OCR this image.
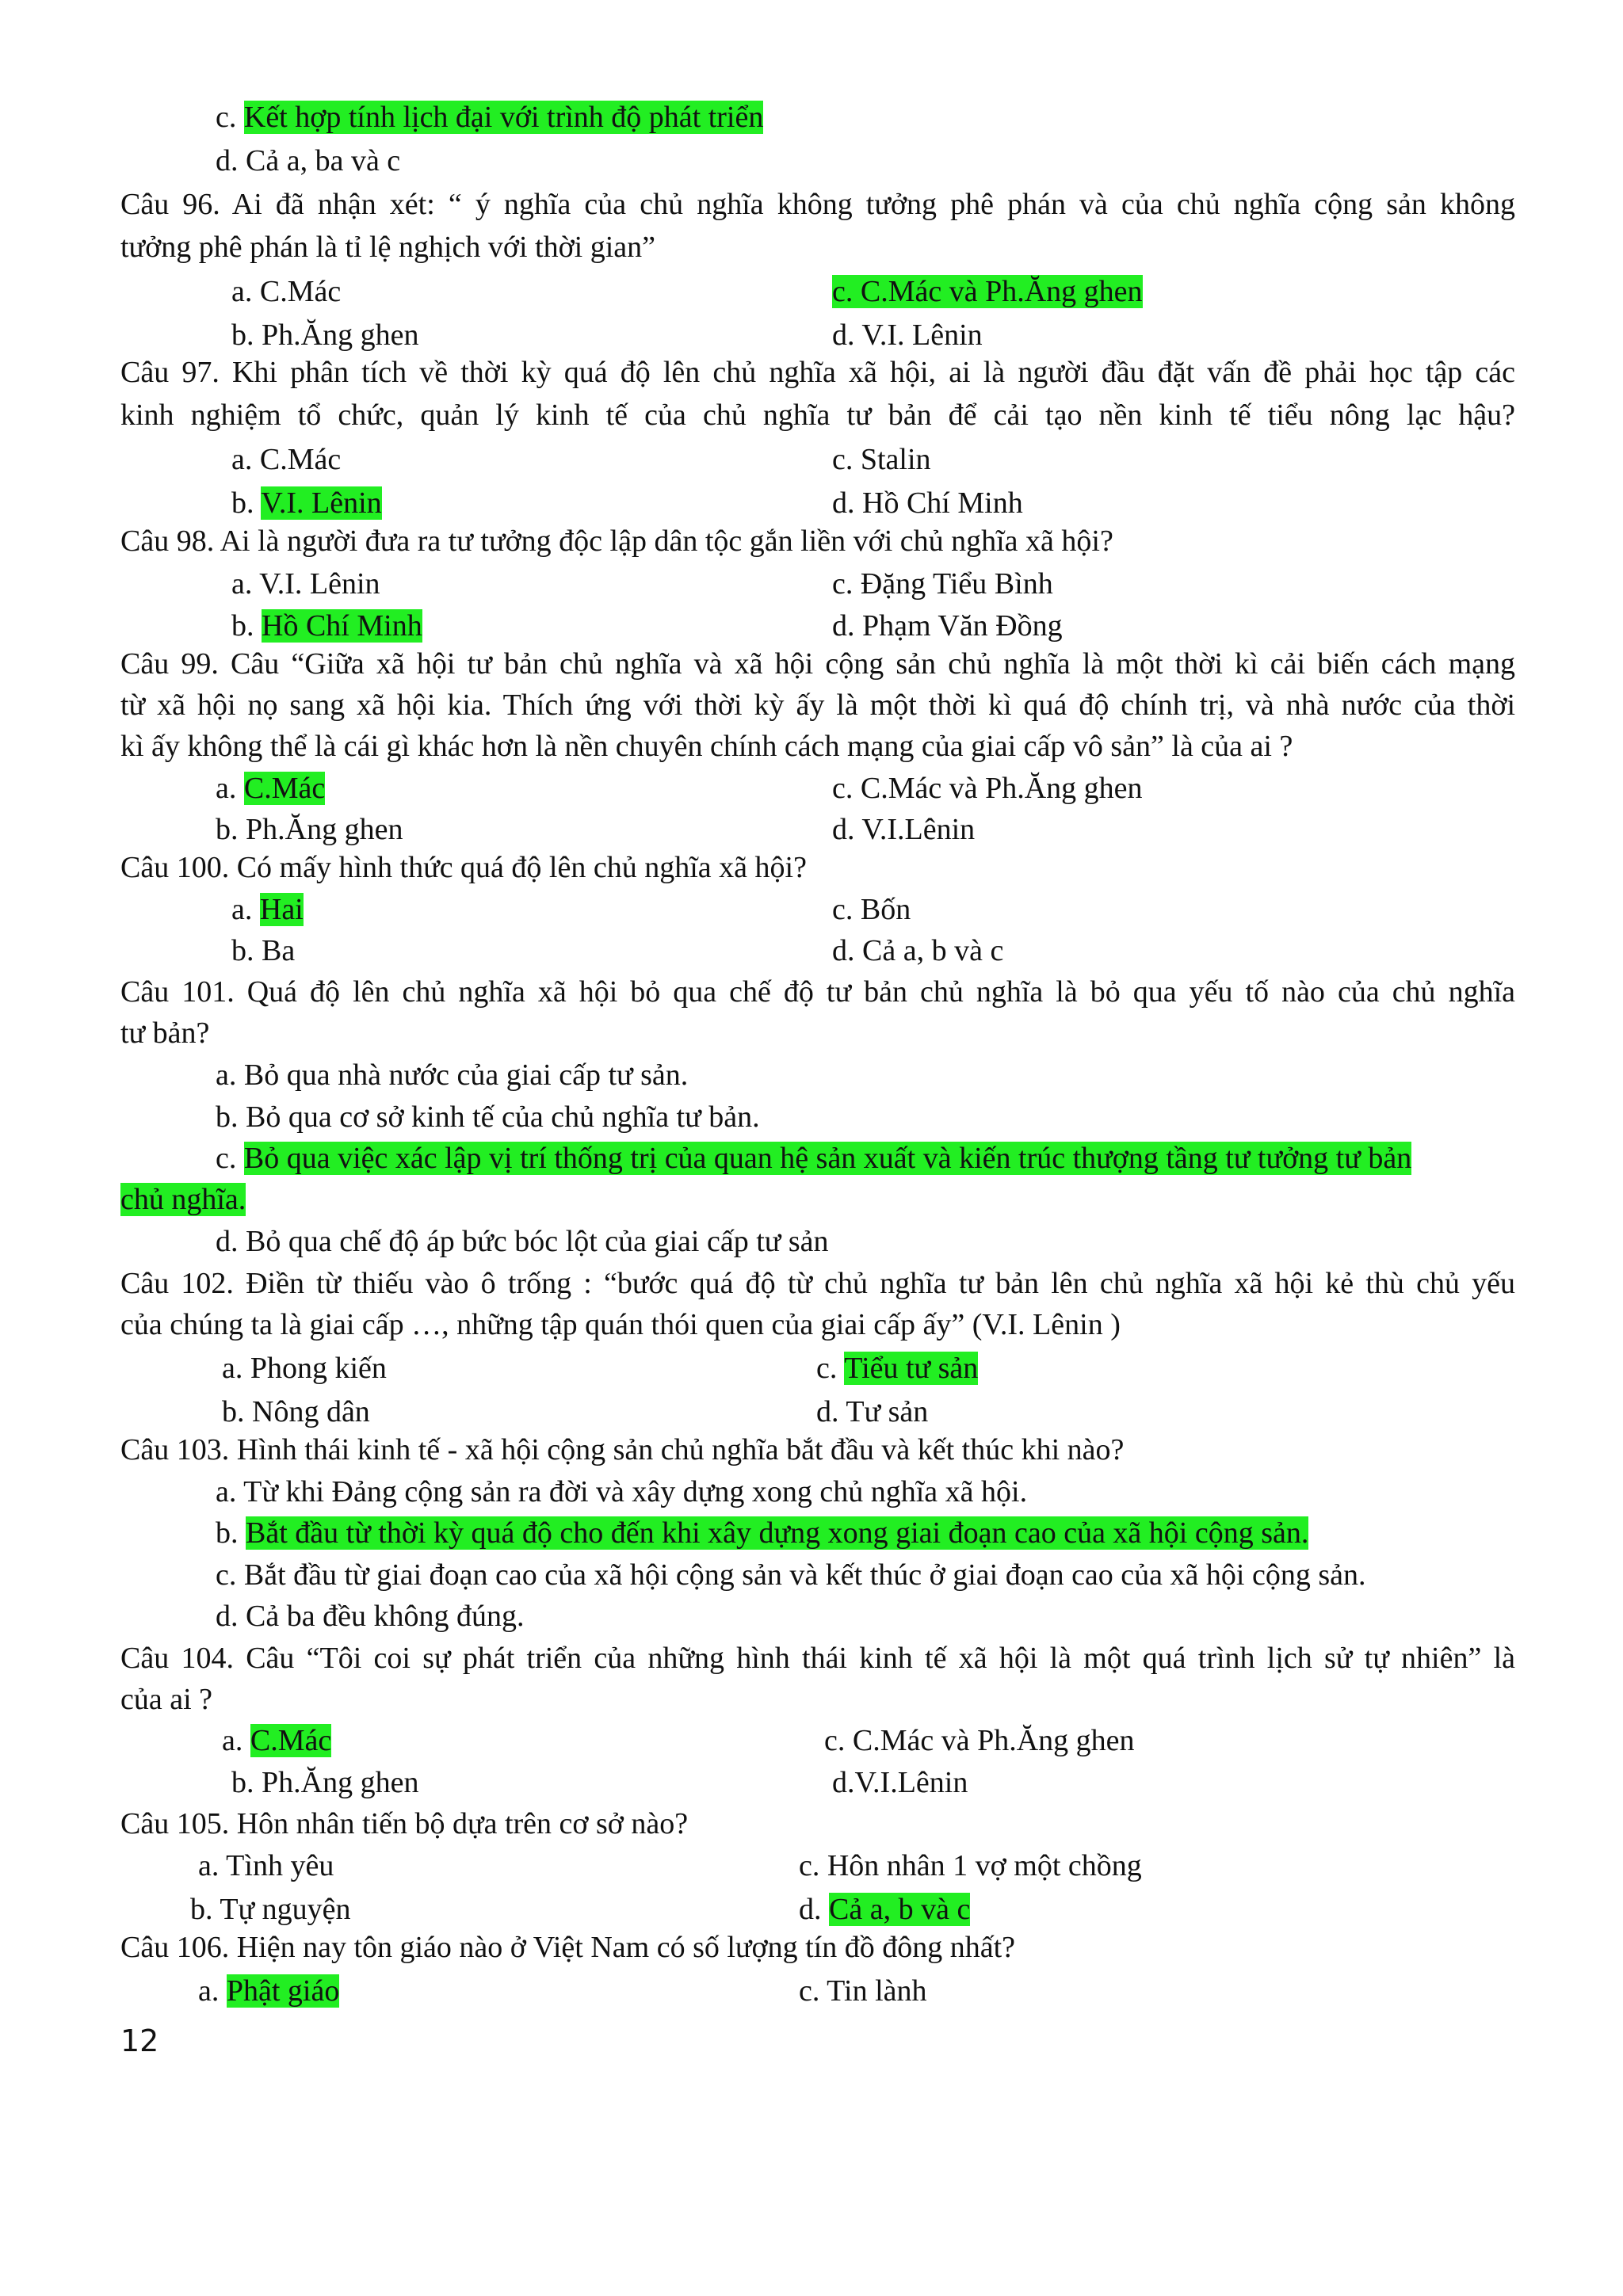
c. Kết hợp tính lịch đại với trình độ phát triển
d. Cả a, ba và c
Câu 96. Ai đã nhận xét: “ ý nghĩa của chủ nghĩa không tưởng phê phán và của chủ nghĩa cộng sản không
tưởng phê phán là tỉ lệ nghịch với thời gian”
a. C.Mác	c. C.Mác và Ph.Ăng ghen
b. Ph.Ăng ghen	d. V.I. Lênin
Câu 97. Khi phân tích về thời kỳ quá độ lên chủ nghĩa xã hội, ai là người đầu đặt vấn đề phải học tập các
kinh nghiệm tổ chức, quản lý kinh tế của chủ nghĩa tư bản để cải tạo nền kinh tế tiểu nông lạc hậu?
a. C.Mác	c. Stalin
b. V.I. Lênin	d. Hồ Chí Minh
Câu 98. Ai là người đưa ra tư tưởng độc lập dân tộc gắn liền với chủ nghĩa xã hội?
a. V.I. Lênin	c. Đặng Tiểu Bình
b. Hồ Chí Minh	d. Phạm Văn Đồng
Câu 99. Câu “Giữa xã hội tư bản chủ nghĩa và xã hội cộng sản chủ nghĩa là một thời kì cải biến cách mạng
từ xã hội nọ sang xã hội kia. Thích ứng với thời kỳ ấy là một thời kì quá độ chính trị, và nhà nước của thời
kì ấy không thể là cái gì khác hơn là nền chuyên chính cách mạng của giai cấp vô sản” là của ai ?
a. C.Mác	c. C.Mác và Ph.Ăng ghen
b. Ph.Ăng ghen	d. V.I.Lênin
Câu 100. Có mấy hình thức quá độ lên chủ nghĩa xã hội?
a. Hai	c. Bốn
b. Ba	d. Cả a, b và c
Câu 101. Quá độ lên chủ nghĩa xã hội bỏ qua chế độ tư bản chủ nghĩa là bỏ qua yếu tố nào của chủ nghĩa
tư bản?
a. Bỏ qua nhà nước của giai cấp tư sản.
b. Bỏ qua cơ sở kinh tế của chủ nghĩa tư bản.
c. Bỏ qua việc xác lập vị trí thống trị của quan hệ sản xuất và kiến trúc thượng tầng tư tưởng tư bản
chủ nghĩa.
d. Bỏ qua chế độ áp bức bóc lột của giai cấp tư sản
Câu 102. Điền từ thiếu vào ô trống : “bước quá độ từ chủ nghĩa tư bản lên chủ nghĩa xã hội kẻ thù chủ yếu
của chúng ta là giai cấp …, những tập quán thói quen của giai cấp ấy” (V.I. Lênin )
a. Phong kiến	c. Tiểu tư sản
b. Nông dân	d. Tư sản
Câu 103. Hình thái kinh tế - xã hội cộng sản chủ nghĩa bắt đầu và kết thúc khi nào?
a. Từ khi Đảng cộng sản ra đời và xây dựng xong chủ nghĩa xã hội.
b. Bắt đầu từ thời kỳ quá độ cho đến khi xây dựng xong giai đoạn cao của xã hội cộng sản.
c. Bắt đầu từ giai đoạn cao của xã hội cộng sản và kết thúc ở giai đoạn cao của xã hội cộng sản.
d. Cả ba đều không đúng.
Câu 104. Câu “Tôi coi sự phát triển của những hình thái kinh tế xã hội là một quá trình lịch sử tự nhiên” là
của ai ?
a. C.Mác	c. C.Mác và Ph.Ăng ghen
b. Ph.Ăng ghen	d.V.I.Lênin
Câu 105. Hôn nhân tiến bộ dựa trên cơ sở nào?
a. Tình yêu	c. Hôn nhân 1 vợ một chồng
b. Tự nguyện	d. Cả a, b và c
Câu 106. Hiện nay tôn giáo nào ở Việt Nam có số lượng tín đồ đông nhất?
a. Phật giáo	c. Tin lành
12
